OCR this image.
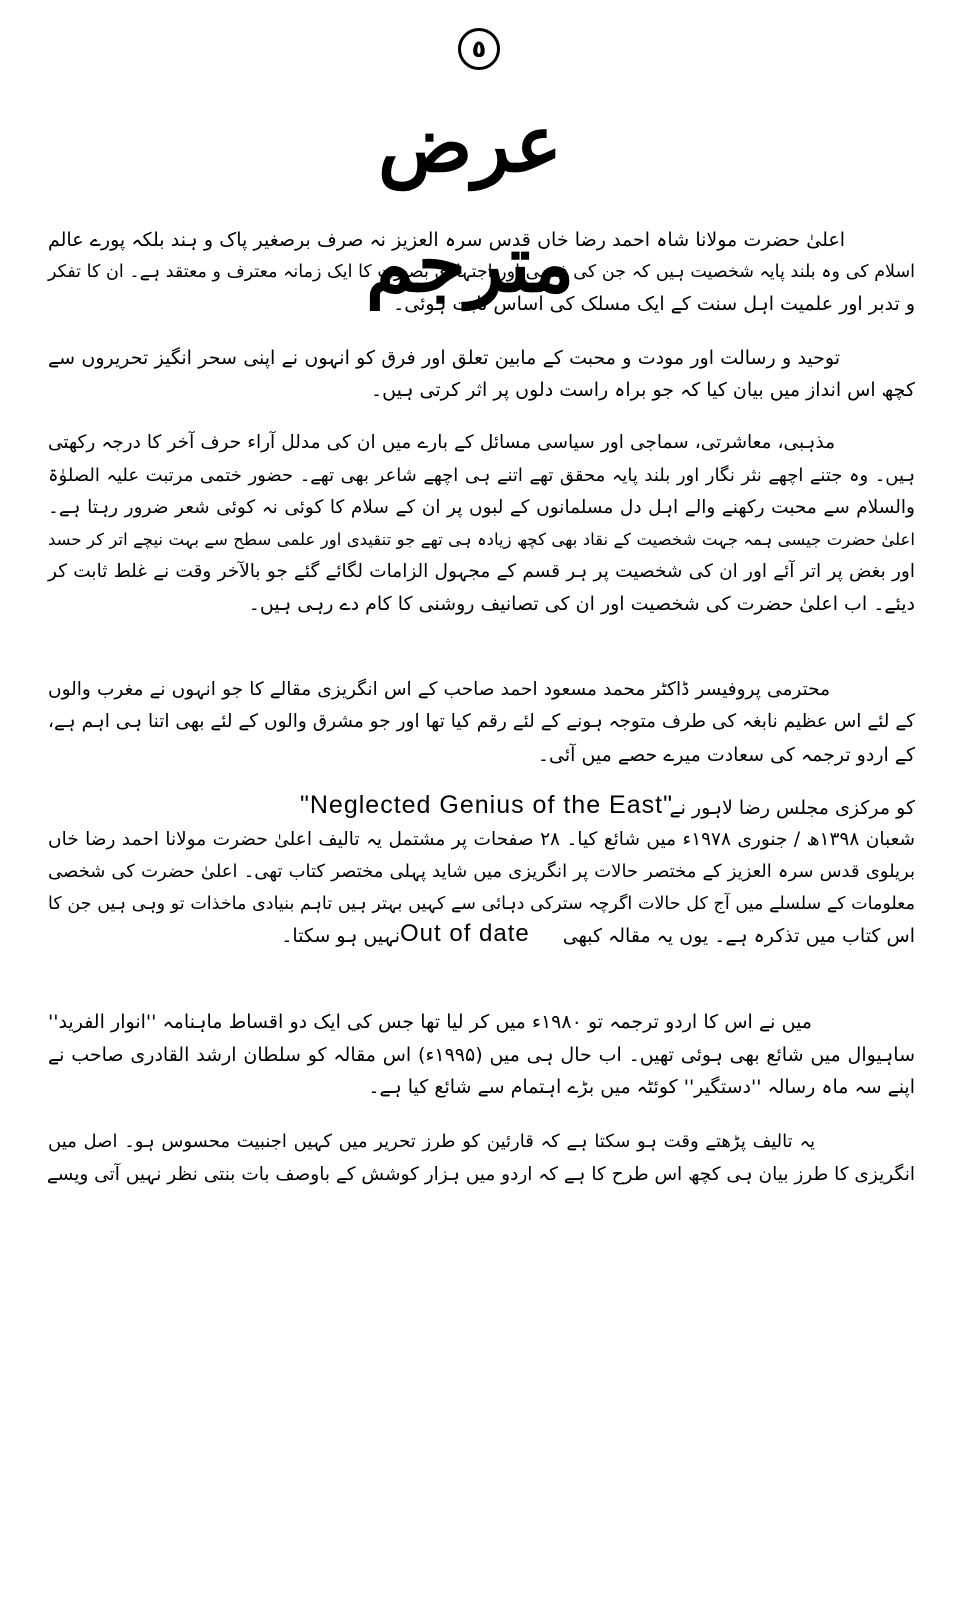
٥
عرض مترجم
اعلیٰ حضرت مولانا شاہ احمد رضا خاں قدس سرہ العزیز نہ صرف برصغیر پاک و ہند بلکہ پورے عالم
اسلام کی وہ بلند پایہ شخصیت ہیں کہ جن کی فقہی اور اجتہادی بصیرت کا ایک زمانہ معترف و معتقد ہے۔ ان کا تفکر
و تدبر اور علمیت اہل سنت کے ایک مسلک کی اساس ثابت ہوئی۔
توحید و رسالت اور مودت و محبت کے مابین تعلق اور فرق کو انہوں نے اپنی سحر انگیز تحریروں سے
کچھ اس انداز میں بیان کیا کہ جو براہ راست دلوں پر اثر کرتی ہیں۔
مذہبی، معاشرتی، سماجی اور سیاسی مسائل کے بارے میں ان کی مدلل آراء حرف آخر کا درجہ رکھتی
ہیں۔ وہ جتنے اچھے نثر نگار اور بلند پایہ محقق تھے اتنے ہی اچھے شاعر بھی تھے۔ حضور ختمی مرتبت علیہ الصلوٰۃ
والسلام سے محبت رکھنے والے اہل دل مسلمانوں کے لبوں پر ان کے سلام کا کوئی نہ کوئی شعر ضرور رہتا ہے۔
اعلیٰ حضرت جیسی ہمہ جہت شخصیت کے نقاد بھی کچھ زیادہ ہی تھے جو تنقیدی اور علمی سطح سے بہت نیچے اتر کر حسد
اور بغض پر اتر آئے اور ان کی شخصیت پر ہر قسم کے مجہول الزامات لگائے گئے جو بالآخر وقت نے غلط ثابت کر
دیئے۔ اب اعلیٰ حضرت کی شخصیت اور ان کی تصانیف روشنی کا کام دے رہی ہیں۔
محترمی پروفیسر ڈاکٹر محمد مسعود احمد صاحب کے اس انگریزی مقالے کا جو انہوں نے مغرب والوں
کے لئے اس عظیم نابغہ کی طرف متوجہ ہونے کے لئے رقم کیا تھا اور جو مشرق والوں کے لئے بھی اتنا ہی اہم ہے،
کے اردو ترجمہ کی سعادت میرے حصے میں آئی۔
کو مرکزی مجلس رضا لاہور نے
"Neglected Genius of the East"
شعبان ۱۳۹۸ھ / جنوری ۱۹۷۸ء میں شائع کیا۔ ۲۸ صفحات پر مشتمل یہ تالیف اعلیٰ حضرت مولانا احمد رضا خاں
بریلوی قدس سرہ العزیز کے مختصر حالات پر انگریزی میں شاید پہلی مختصر کتاب تھی۔ اعلیٰ حضرت کی شخصی
معلومات کے سلسلے میں آج کل حالات اگرچہ سترکی دہائی سے کہیں بہتر ہیں تاہم بنیادی ماخذات تو وہی ہیں جن کا
اس کتاب میں تذکرہ ہے۔ یوں یہ مقالہ کبھی
Out of date
نہیں ہو سکتا۔
میں نے اس کا اردو ترجمہ تو ۱۹۸۰ء میں کر لیا تھا جس کی ایک دو اقساط ماہنامہ ''انوار الفرید''
ساہیوال میں شائع بھی ہوئی تھیں۔ اب حال ہی میں (۱۹۹۵ء) اس مقالہ کو سلطان ارشد القادری صاحب نے
اپنے سہ ماہ رسالہ ''دستگیر'' کوئٹہ میں بڑے اہتمام سے شائع کیا ہے۔
یہ تالیف پڑھتے وقت ہو سکتا ہے کہ قارئین کو طرز تحریر میں کہیں اجنبیت محسوس ہو۔ اصل میں
انگریزی کا طرز بیان ہی کچھ اس طرح کا ہے کہ اردو میں ہزار کوشش کے باوصف بات بنتی نظر نہیں آتی ویسے
